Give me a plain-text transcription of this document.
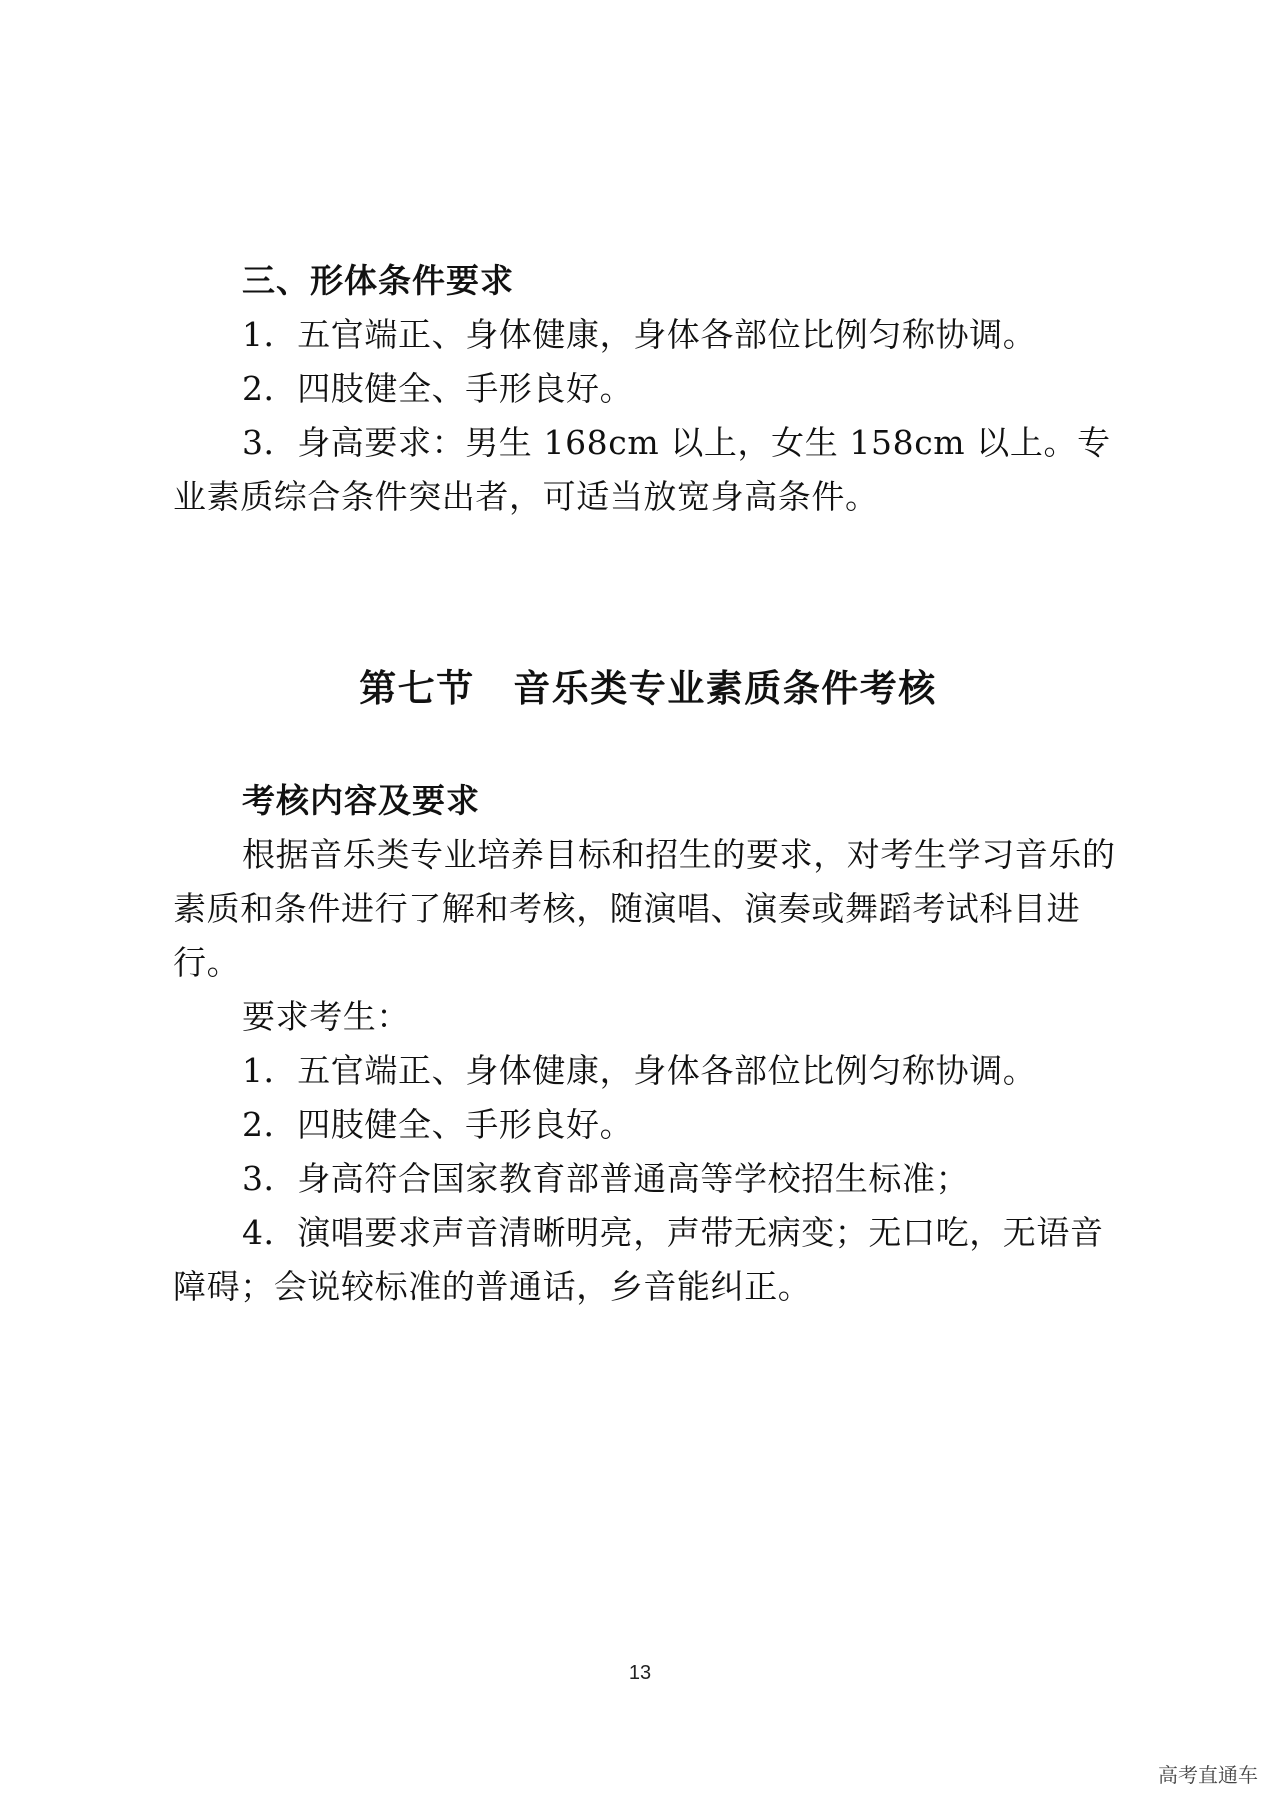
三、形体条件要求

1．五官端正、身体健康，身体各部位比例匀称协调。

2．四肢健全、手形良好。

3．身高要求：男生 168cm 以上，女生 158cm 以上。专业素质综合条件突出者，可适当放宽身高条件。

第七节　音乐类专业素质条件考核

考核内容及要求

根据音乐类专业培养目标和招生的要求，对考生学习音乐的素质和条件进行了解和考核，随演唱、演奏或舞蹈考试科目进行。

要求考生：

1．五官端正、身体健康，身体各部位比例匀称协调。

2．四肢健全、手形良好。

3．身高符合国家教育部普通高等学校招生标准；

4．演唱要求声音清晰明亮，声带无病变；无口吃，无语音障碍；会说较标准的普通话，乡音能纠正。

13
高考直通车
